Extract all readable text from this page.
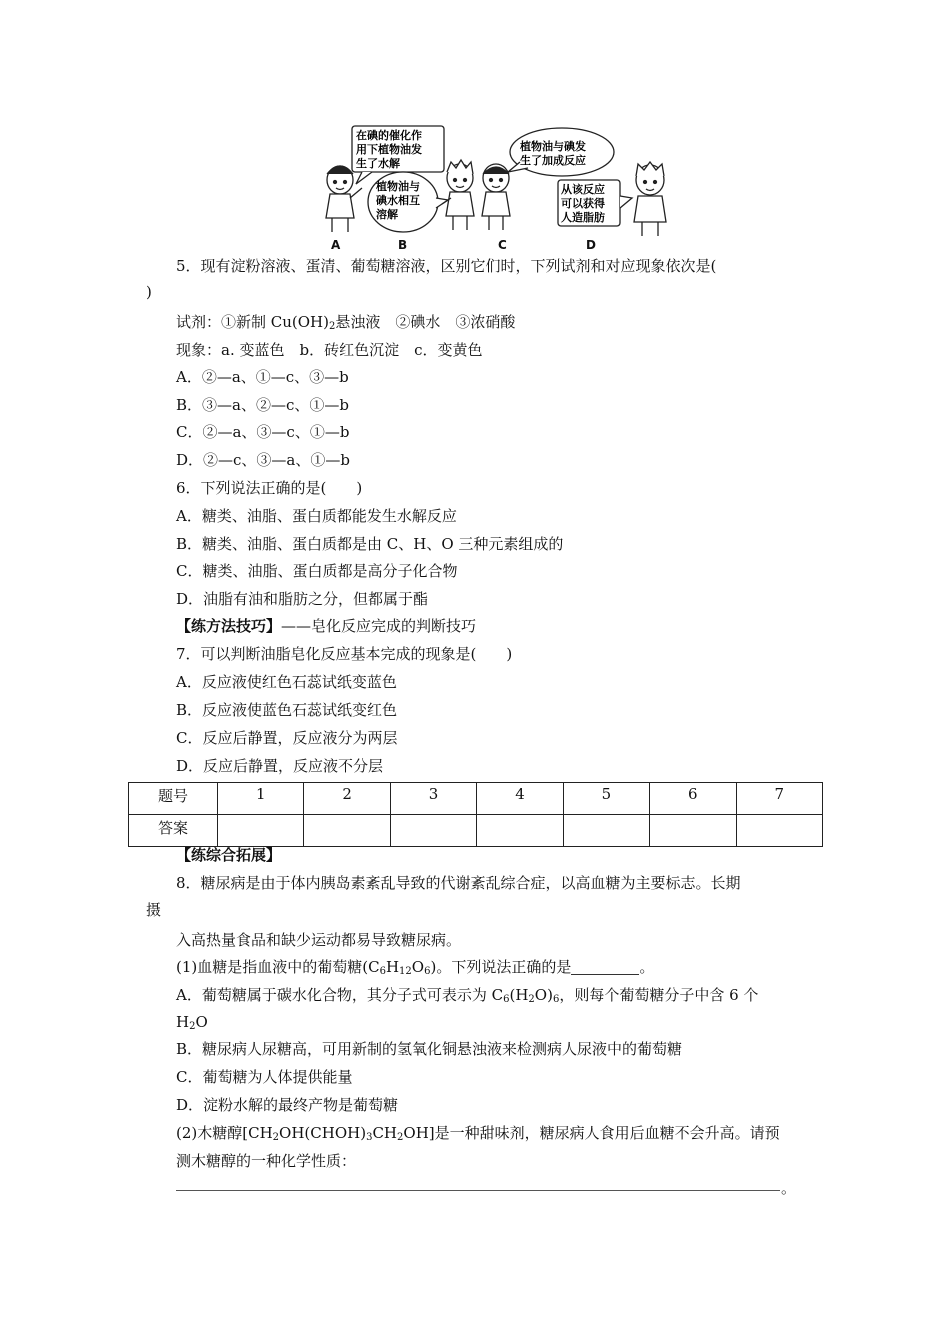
在碘的催化作
用下植物油发
生了水解
植物油与
碘水相互
溶解
植物油与碘发
生了加成反应
从该反应
可以获得
人造脂肪
A	B	C	D
5．现有淀粉溶液、蛋清、葡萄糖溶液，区别它们时，下列试剂和对应现象依次是(
)
试剂：①新制 $Cu(OH)_2$悬浊液　②碘水　③浓硝酸
现象：a. 变蓝色　b．砖红色沉淀　c．变黄色
A．②—a、①—c、③—b
B．③—a、②—c、①—b
C．②—a、③—c、①—b
D．②—c、③—a、①—b
6．下列说法正确的是(　　)
A．糖类、油脂、蛋白质都能发生水解反应
B．糖类、油脂、蛋白质都是由 C、H、O 三种元素组成的
C．糖类、油脂、蛋白质都是高分子化合物
D．油脂有油和脂肪之分，但都属于酯
【练方法技巧】——皂化反应完成的判断技巧
7．可以判断油脂皂化反应基本完成的现象是(　　)
A．反应液使红色石蕊试纸变蓝色
B．反应液使蓝色石蕊试纸变红色
C．反应后静置，反应液分为两层
D．反应后静置，反应液不分层
题号	1	2	3	4	5	6	7
答案							
【练综合拓展】
8．糖尿病是由于体内胰岛素紊乱导致的代谢紊乱综合症，以高血糖为主要标志。长期
摄
入高热量食品和缺少运动都易导致糖尿病。
(1)血糖是指血液中的葡萄糖$(C_6H_{12}O_6)$。下列说法正确的是	。
A．葡萄糖属于碳水化合物，其分子式可表示为 $C_6(H_2O)_6$，则每个葡萄糖分子中含 6 个
$H_2O$
B．糖尿病人尿糖高，可用新制的氢氧化铜悬浊液来检测病人尿液中的葡萄糖
C．葡萄糖为人体提供能量
D．淀粉水解的最终产物是葡萄糖
(2)木糖醇$[CH_2OH(CHOH)_3CH_2OH]$是一种甜味剂，糖尿病人食用后血糖不会升高。请预
测木糖醇的一种化学性质：
。
